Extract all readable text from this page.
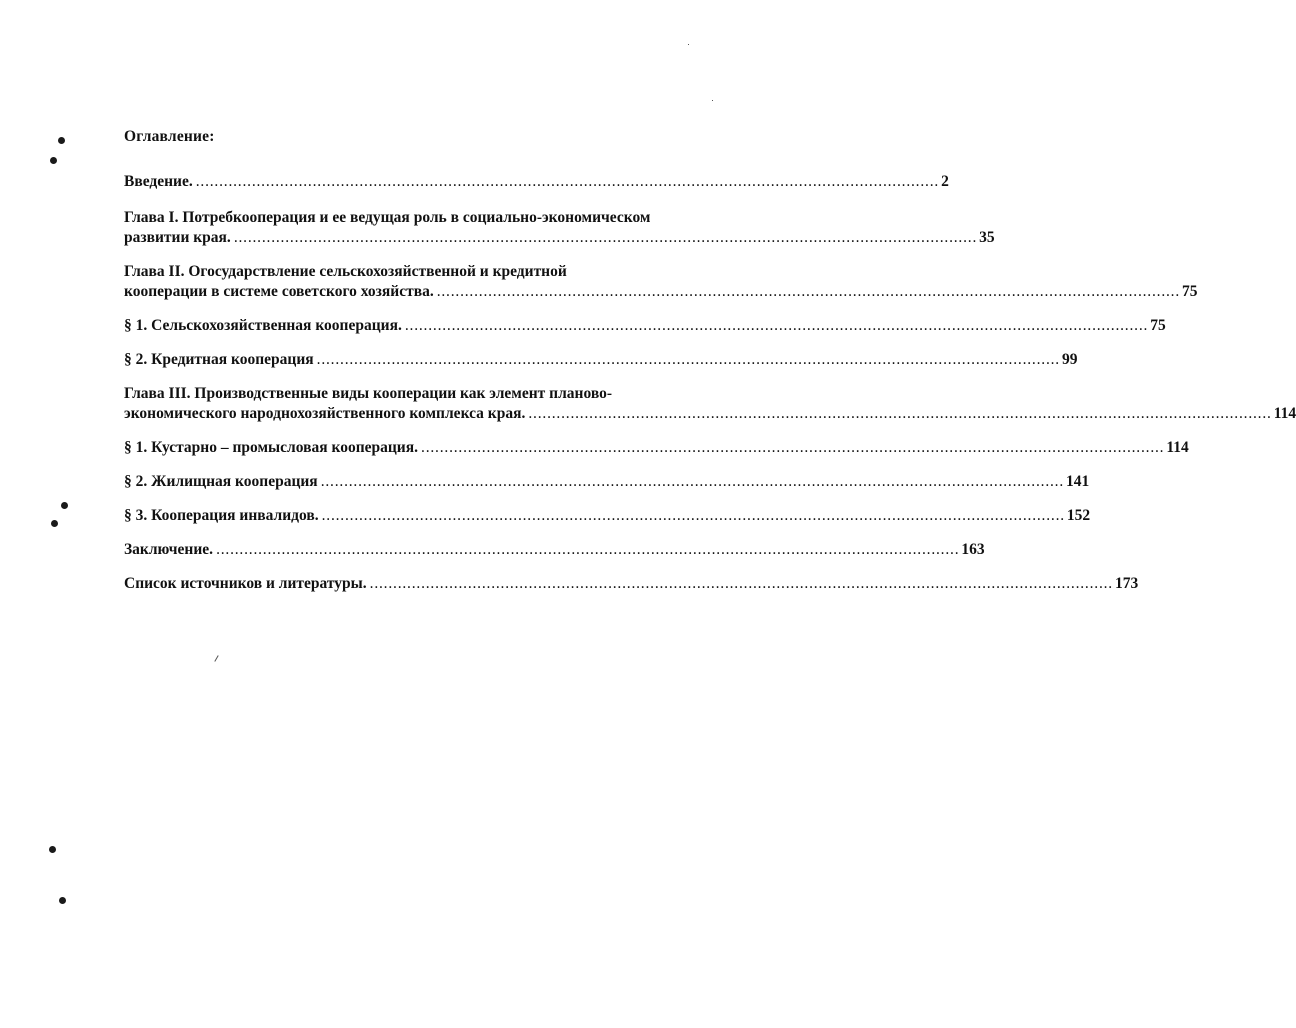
Оглавление:
Введение. ............................................................................................................................................................... 2
Глава I. Потребкооперация и ее ведущая роль в социально-экономическом
развитии края. ............................................................................................................................................................... 35
Глава II. Огосударствление сельскохозяйственной и кредитной
кооперации в системе советского хозяйства. ............................................................................................................................................................... 75
§ 1. Сельскохозяйственная кооперация. ............................................................................................................................................................... 75
§ 2. Кредитная кооперация ............................................................................................................................................................... 99
Глава III. Производственные виды кооперации как элемент планово-
экономического народнохозяйственного комплекса края. ............................................................................................................................................................... 114
§ 1. Кустарно – промысловая кооперация. ............................................................................................................................................................... 114
§ 2. Жилищная кооперация ............................................................................................................................................................... 141
§ 3. Кооперация инвалидов. ............................................................................................................................................................... 152
Заключение. ............................................................................................................................................................... 163
Список источников и литературы. ............................................................................................................................................................... 173
